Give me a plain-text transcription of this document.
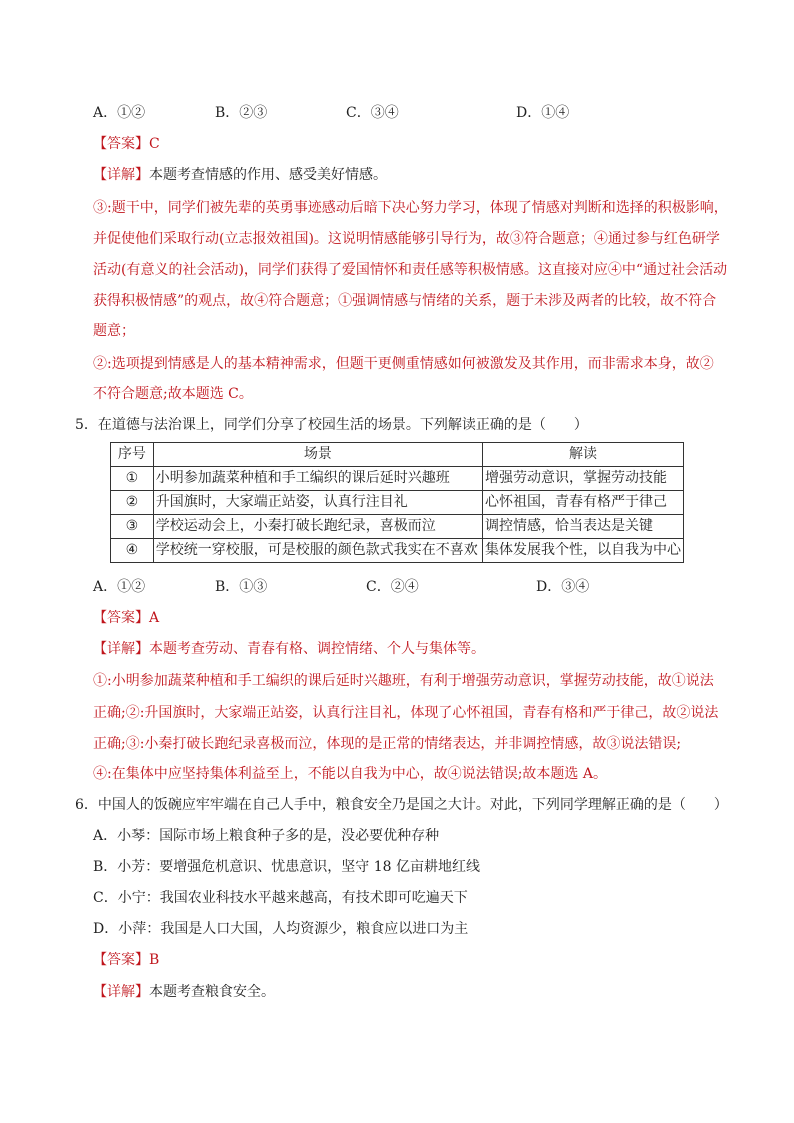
A．①②	B．②③	C．③④	D．①④
【答案】C
【详解】本题考查情感的作用、感受美好情感。
③:题干中，同学们被先辈的英勇事迹感动后暗下决心努力学习，体现了情感对判断和选择的积极影响，
并促使他们采取行动(立志报效祖国)。这说明情感能够引导行为，故③符合题意；④通过参与红色研学
活动(有意义的社会活动)，同学们获得了爱国情怀和责任感等积极情感。这直接对应④中“通过社会活动
获得积极情感”的观点，故④符合题意；①强调情感与情绪的关系，题于未涉及两者的比较，故不符合
题意；
②:选项提到情感是人的基本精神需求，但题干更侧重情感如何被激发及其作用，而非需求本身，故②
不符合题意;故本题选 C。
5．在道德与法治课上，同学们分享了校园生活的场景。下列解读正确的是（　　）
序号	场景	解读
①	小明参加蔬菜种植和手工编织的课后延时兴趣班	增强劳动意识，掌握劳动技能
②	升国旗时，大家端正站姿，认真行注目礼	心怀祖国，青春有格严于律己
③	学校运动会上，小秦打破长跑纪录，喜极而泣	调控情感，恰当表达是关键
④	学校统一穿校服，可是校服的颜色款式我实在不喜欢	集体发展我个性，以自我为中心
A．①②	B．①③	C．②④	D．③④
【答案】A
【详解】本题考查劳动、青春有格、调控情绪、个人与集体等。
①:小明参加蔬菜种植和手工编织的课后延时兴趣班，有利于增强劳动意识，掌握劳动技能，故①说法
正确;②:升国旗时，大家端正站姿，认真行注目礼，体现了心怀祖国，青春有格和严于律己，故②说法
正确;③:小秦打破长跑纪录喜极而泣，体现的是正常的情绪表达，并非调控情感，故③说法错误;
④:在集体中应坚持集体利益至上，不能以自我为中心，故④说法错误;故本题选 A。
6．中国人的饭碗应牢牢端在自己人手中，粮食安全乃是国之大计。对此，下列同学理解正确的是（　　）
A．小琴：国际市场上粮食种子多的是，没必要优种存种
B．小芳：要增强危机意识、忧患意识，坚守 18 亿亩耕地红线
C．小宁：我国农业科技水平越来越高，有技术即可吃遍天下
D．小萍：我国是人口大国，人均资源少，粮食应以进口为主
【答案】B
【详解】本题考查粮食安全。
